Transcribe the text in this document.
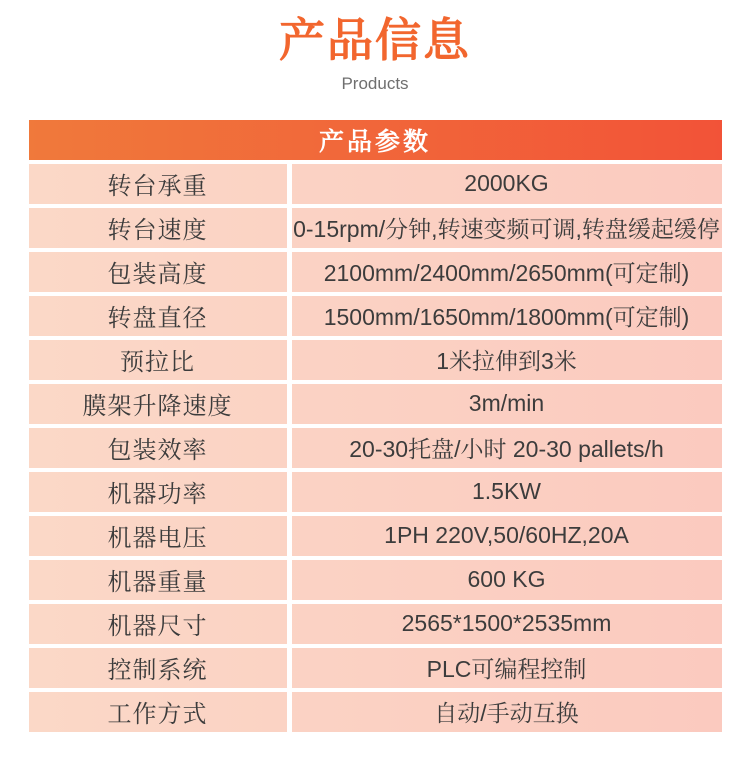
产品信息
Products
产品参数
转台承重	2000KG
转台速度	0-15rpm/分钟,转速变频可调,转盘缓起缓停
包装高度	2100mm/2400mm/2650mm(可定制)
转盘直径	1500mm/1650mm/1800mm(可定制)
预拉比	1米拉伸到3米
膜架升降速度	3m/min
包装效率	20-30托盘/小时 20-30 pallets/h
机器功率	1.5KW
机器电压	1PH 220V,50/60HZ,20A
机器重量	600 KG
机器尺寸	2565*1500*2535mm
控制系统	PLC可编程控制
工作方式	自动/手动互换
